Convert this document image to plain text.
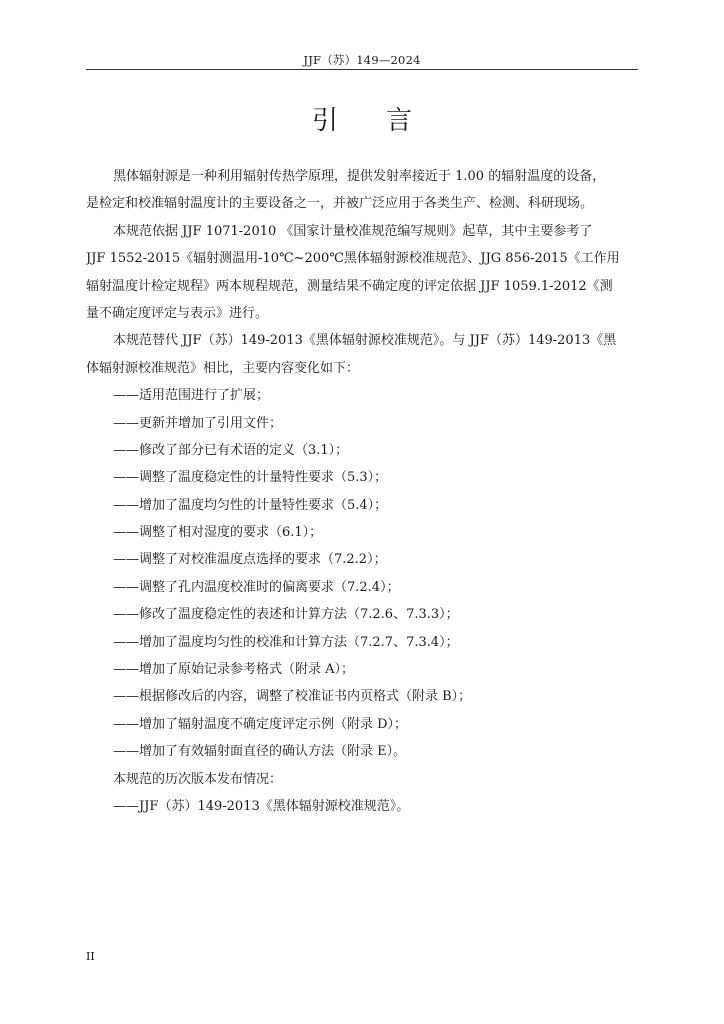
JJF（苏）149—2024
引言
黑体辐射源是一种利用辐射传热学原理，提供发射率接近于 1.00 的辐射温度的设备，
是检定和校准辐射温度计的主要设备之一，并被广泛应用于各类生产、检测、科研现场。
本规范依据 JJF 1071-2010 《国家计量校准规范编写规则》起草，其中主要参考了
JJF 1552-2015《辐射测温用-10℃~200℃黑体辐射源校准规范》、JJG 856-2015《工作用
辐射温度计检定规程》两本规程规范，测量结果不确定度的评定依据 JJF 1059.1-2012《测
量不确定度评定与表示》进行。
本规范替代 JJF（苏）149-2013《黑体辐射源校准规范》。与 JJF（苏）149-2013《黑
体辐射源校准规范》相比，主要内容变化如下：
——适用范围进行了扩展；
——更新并增加了引用文件；
——修改了部分已有术语的定义（3.1）；
——调整了温度稳定性的计量特性要求（5.3）；
——增加了温度均匀性的计量特性要求（5.4）；
——调整了相对湿度的要求（6.1）；
——调整了对校准温度点选择的要求（7.2.2）；
——调整了孔内温度校准时的偏离要求（7.2.4）；
——修改了温度稳定性的表述和计算方法（7.2.6、7.3.3）；
——增加了温度均匀性的校准和计算方法（7.2.7、7.3.4）；
——增加了原始记录参考格式（附录 A）；
——根据修改后的内容，调整了校准证书内页格式（附录 B）；
——增加了辐射温度不确定度评定示例（附录 D）；
——增加了有效辐射面直径的确认方法（附录 E）。
本规范的历次版本发布情况：
——JJF（苏）149-2013《黑体辐射源校准规范》。
II
